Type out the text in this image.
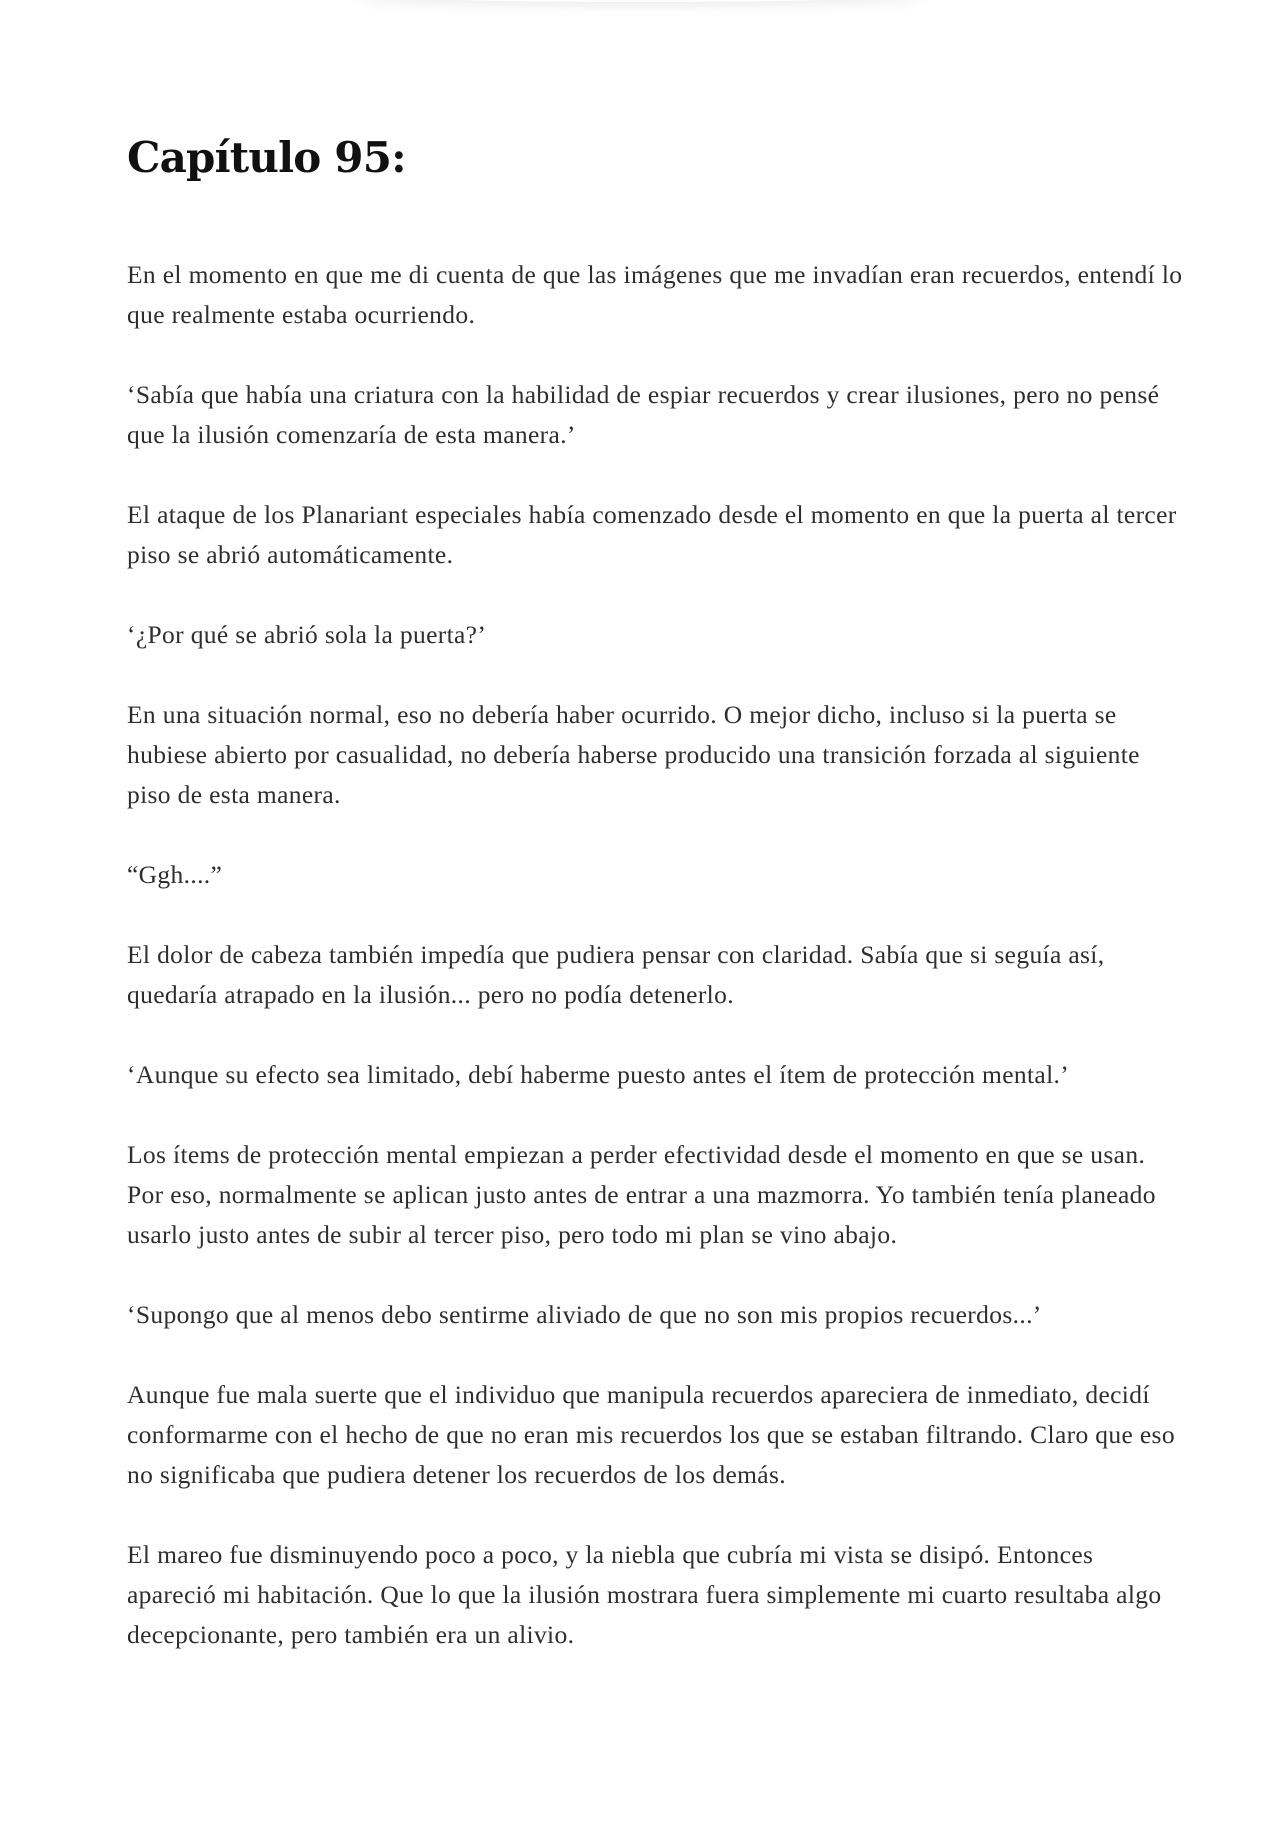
Capítulo 95:

En el momento en que me di cuenta de que las imágenes que me invadían eran recuerdos, entendí lo que realmente estaba ocurriendo.

‘Sabía que había una criatura con la habilidad de espiar recuerdos y crear ilusiones, pero no pensé que la ilusión comenzaría de esta manera.’

El ataque de los Planariant especiales había comenzado desde el momento en que la puerta al tercer piso se abrió automáticamente.

‘¿Por qué se abrió sola la puerta?’

En una situación normal, eso no debería haber ocurrido. O mejor dicho, incluso si la puerta se hubiese abierto por casualidad, no debería haberse producido una transición forzada al siguiente piso de esta manera.

“Ggh....”

El dolor de cabeza también impedía que pudiera pensar con claridad. Sabía que si seguía así, quedaría atrapado en la ilusión... pero no podía detenerlo.

‘Aunque su efecto sea limitado, debí haberme puesto antes el ítem de protección mental.’

Los ítems de protección mental empiezan a perder efectividad desde el momento en que se usan. Por eso, normalmente se aplican justo antes de entrar a una mazmorra. Yo también tenía planeado usarlo justo antes de subir al tercer piso, pero todo mi plan se vino abajo.

‘Supongo que al menos debo sentirme aliviado de que no son mis propios recuerdos...’

Aunque fue mala suerte que el individuo que manipula recuerdos apareciera de inmediato, decidí conformarme con el hecho de que no eran mis recuerdos los que se estaban filtrando. Claro que eso no significaba que pudiera detener los recuerdos de los demás.

El mareo fue disminuyendo poco a poco, y la niebla que cubría mi vista se disipó. Entonces apareció mi habitación. Que lo que la ilusión mostrara fuera simplemente mi cuarto resultaba algo decepcionante, pero también era un alivio.
